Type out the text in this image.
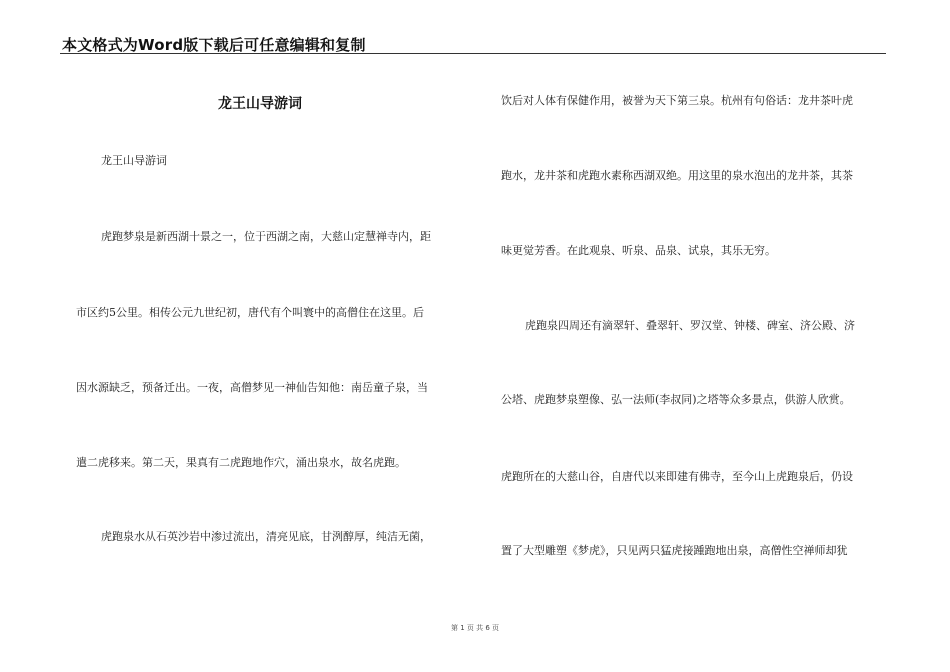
本文格式为Word版下载后可任意编辑和复制
龙王山导游词
龙王山导游词
虎跑梦泉是新西湖十景之一，位于西湖之南，大慈山定慧禅寺内，距
市区约5公里。相传公元九世纪初，唐代有个叫寰中的高僧住在这里。后
因水源缺乏，预备迁出。一夜，高僧梦见一神仙告知他：南岳童子泉，当
遣二虎移来。第二天，果真有二虎跑地作穴，涌出泉水，故名虎跑。
虎跑泉水从石英沙岩中渗过流出，清亮见底，甘洌醇厚，纯洁无菌，
饮后对人体有保健作用，被誉为天下第三泉。杭州有句俗话：龙井茶叶虎
跑水，龙井茶和虎跑水素称西湖双绝。用这里的泉水泡出的龙井茶，其茶
味更觉芳香。在此观泉、听泉、品泉、试泉，其乐无穷。
虎跑泉四周还有滴翠轩、叠翠轩、罗汉堂、钟楼、碑室、济公殿、济
公塔、虎跑梦泉塑像、弘一法师(李叔同)之塔等众多景点，供游人欣赏。
虎跑所在的大慈山谷，自唐代以来即建有佛寺，至今山上虎跑泉后，仍设
置了大型雕塑《梦虎》，只见两只猛虎接踵跑地出泉，高僧性空禅师却犹
第 1 页 共 6 页
